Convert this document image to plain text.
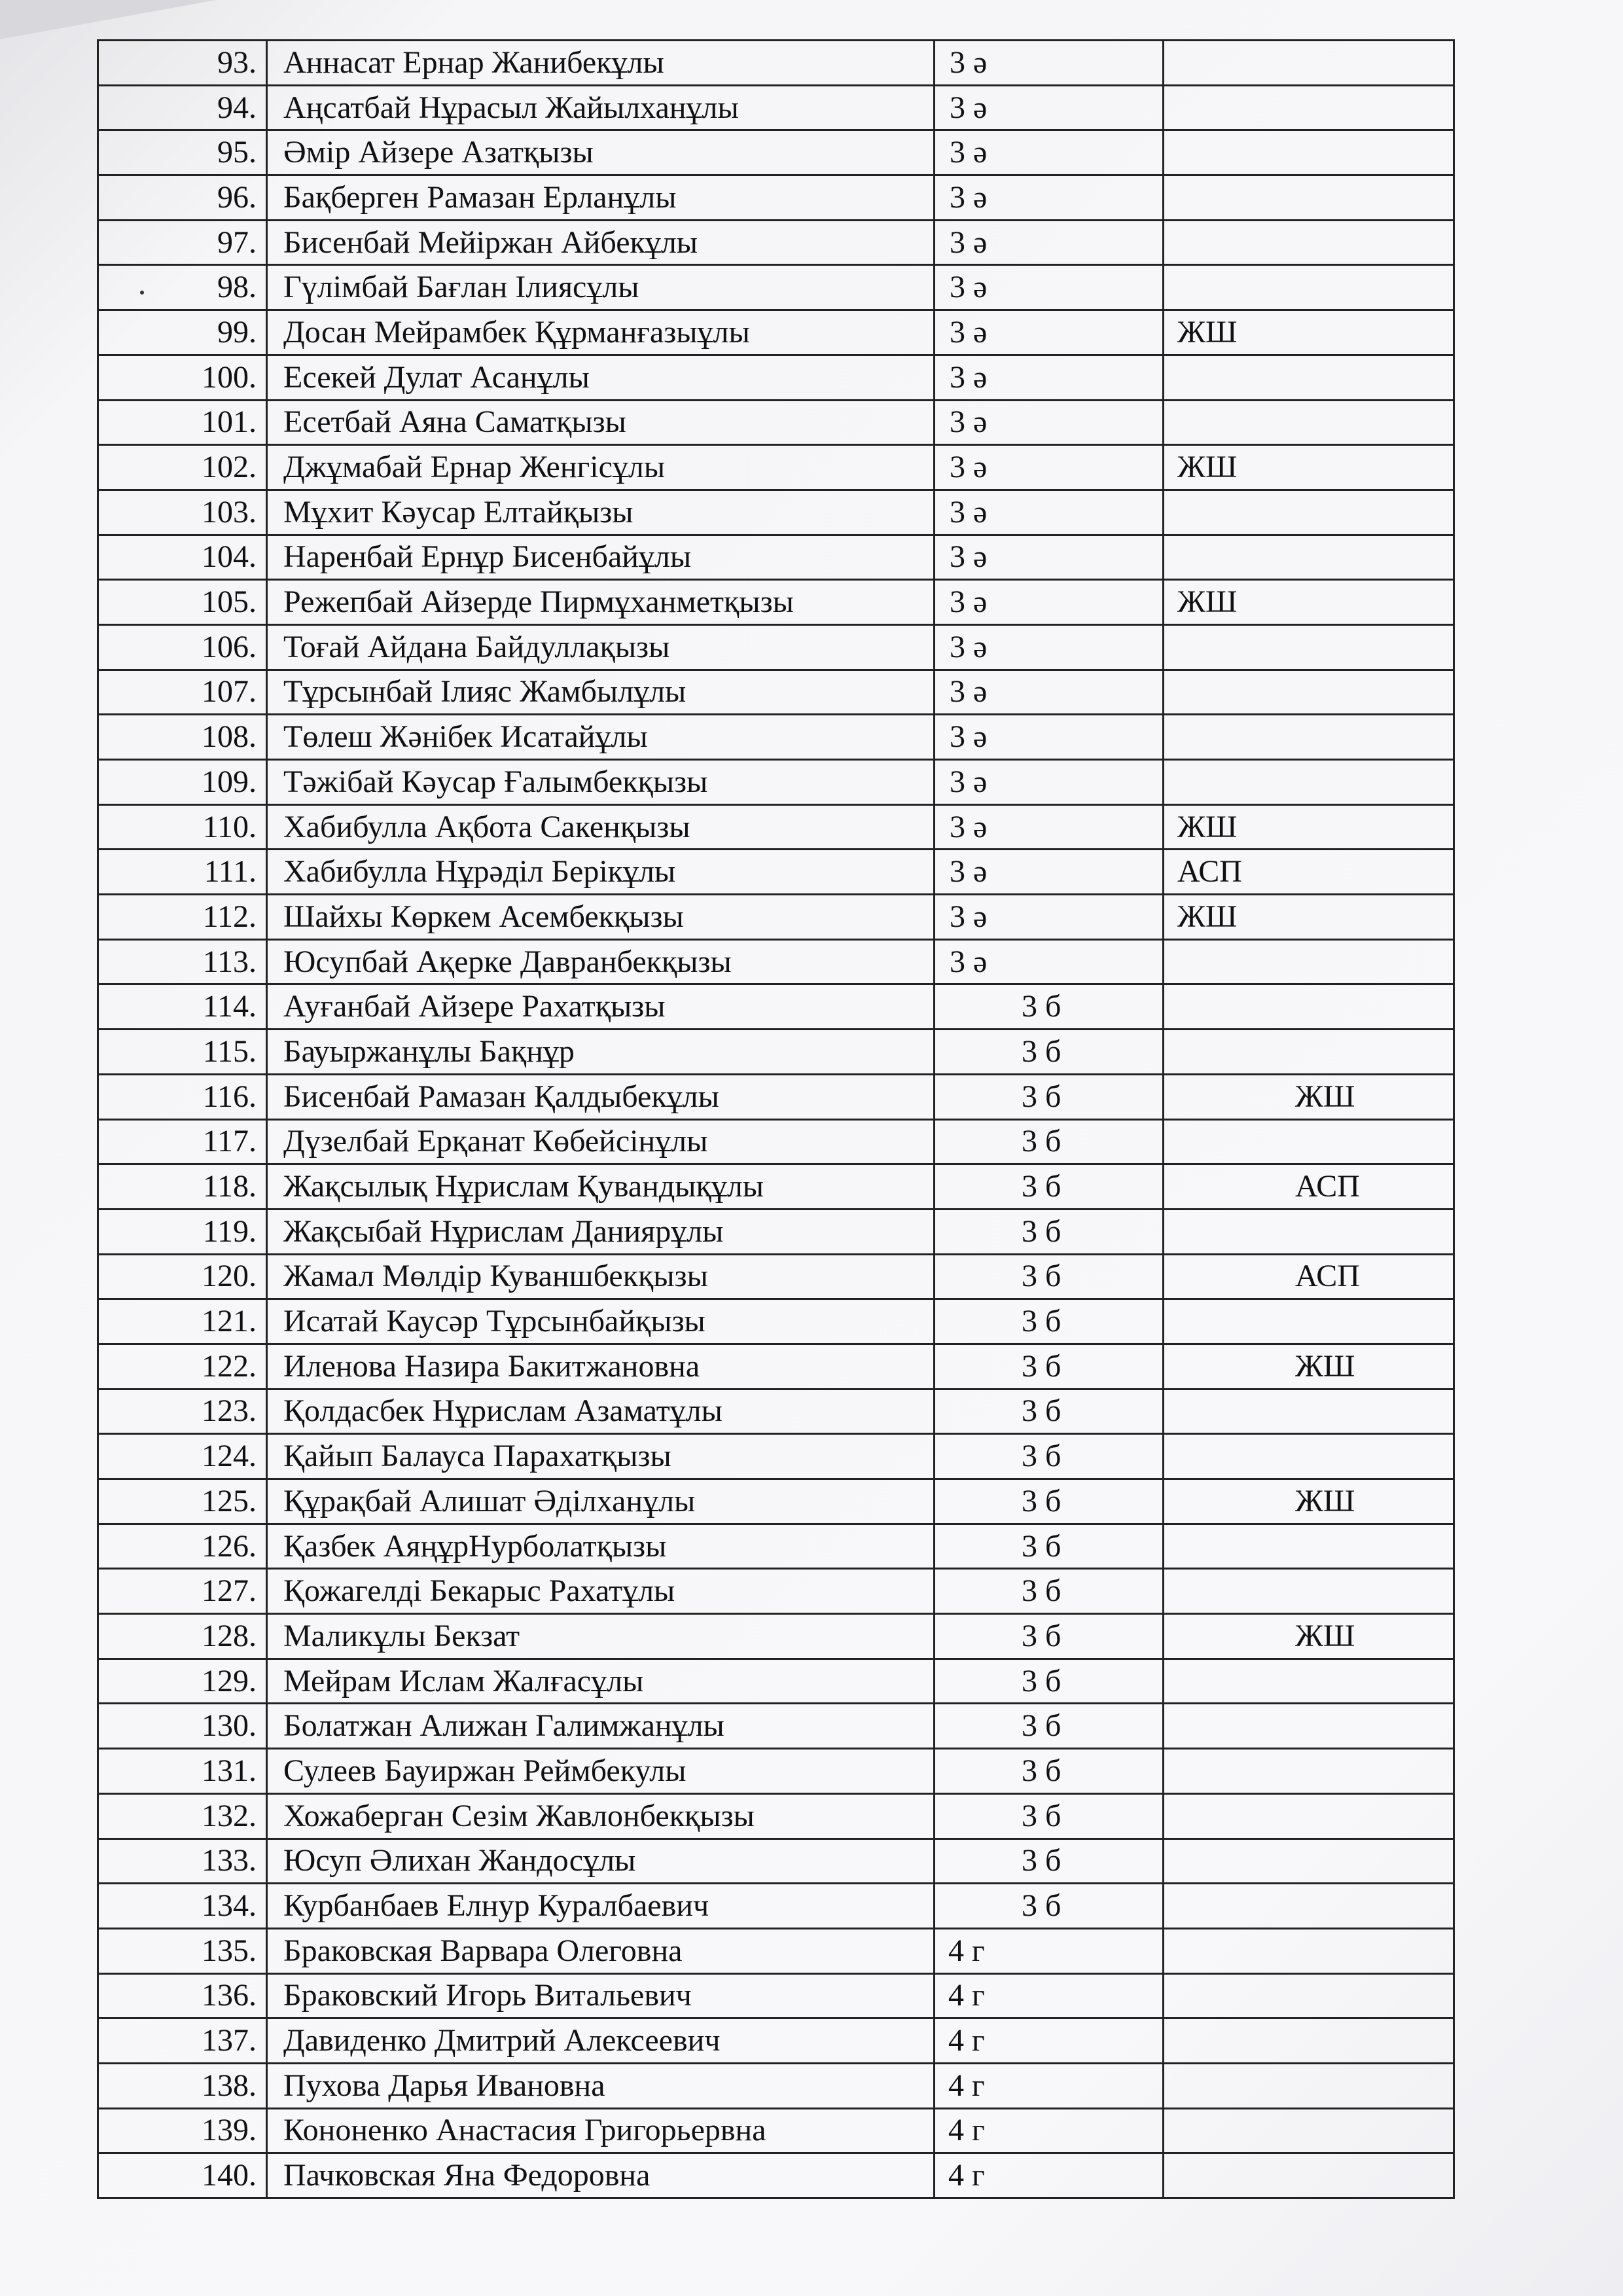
93.	Аннасат Ернар Жанибекұлы	3 ә	
94.	Аңсатбай Нұрасыл Жайылханұлы	3 ә	
95.	Әмір Айзере Азатқызы	3 ә	
96.	Бақберген Рамазан Ерланұлы	3 ә	
97.	Бисенбай Мейіржан Айбекұлы	3 ә	
98.	Гүлімбай Бағлан Ілиясұлы	3 ә	
99.	Досан Мейрамбек Құрманғазыұлы	3 ә	ЖШ
100.	Есекей Дулат Асанұлы	3 ә	
101.	Есетбай Аяна Саматқызы	3 ә	
102.	Джұмабай Ернар Женгісұлы	3 ә	ЖШ
103.	Мұхит Кәусар Елтайқызы	3 ә	
104.	Наренбай Ернұр Бисенбайұлы	3 ә	
105.	Режепбай Айзерде Пирмұханметқызы	3 ә	ЖШ
106.	Тоғай Айдана Байдуллақызы	3 ә	
107.	Тұрсынбай Ілияс Жамбылұлы	3 ә	
108.	Төлеш Жәнібек Исатайұлы	3 ә	
109.	Тәжібай Кәусар Ғалымбекқызы	3 ә	
110.	Хабибулла Ақбота Сакенқызы	3 ә	ЖШ
111.	Хабибулла Нұрәділ Берікұлы	3 ә	АСП
112.	Шайхы Көркем Асембекқызы	3 ә	ЖШ
113.	Юсупбай Ақерке Давранбекқызы	3 ә	
114.	Ауғанбай Айзере Рахатқызы	3 б	
115.	Бауыржанұлы Бақнұр	3 б	
116.	Бисенбай Рамазан Қалдыбекұлы	3 б	ЖШ
117.	Дүзелбай Ерқанат Көбейсінұлы	3 б	
118.	Жақсылық Нұрислам Қувандықұлы	3 б	АСП
119.	Жақсыбай Нұрислам Даниярұлы	3 б	
120.	Жамал Мөлдір Куваншбекқызы	3 б	АСП
121.	Исатай Каусәр Тұрсынбайқызы	3 б	
122.	Иленова Назира Бакитжановна	3 б	ЖШ
123.	Қолдасбек Нұрислам Азаматұлы	3 б	
124.	Қайып Балауса Парахатқызы	3 б	
125.	Құрақбай Алишат Әділханұлы	3 б	ЖШ
126.	Қазбек АяңұрНурболатқызы	3 б	
127.	Қожагелді Бекарыс Рахатұлы	3 б	
128.	Маликұлы Бекзат	3 б	ЖШ
129.	Мейрам Ислам Жалғасұлы	3 б	
130.	Болатжан Алижан Галимжанұлы	3 б	
131.	Сулеев Бауиржан Реймбекулы	3 б	
132.	Хожаберган Сезім Жавлонбекқызы	3 б	
133.	Юсуп Әлихан Жандосұлы	3 б	
134.	Курбанбаев Елнур Куралбаевич	3 б	
135.	Браковская Варвара Олеговна	4 г	
136.	Браковский Игорь Витальевич	4 г	
137.	Давиденко Дмитрий Алексеевич	4 г	
138.	Пухова Дарья Ивановна	4 г	
139.	Кононенко Анастасия Григорьервна	4 г	
140.	Пачковская Яна Федоровна	4 г	
